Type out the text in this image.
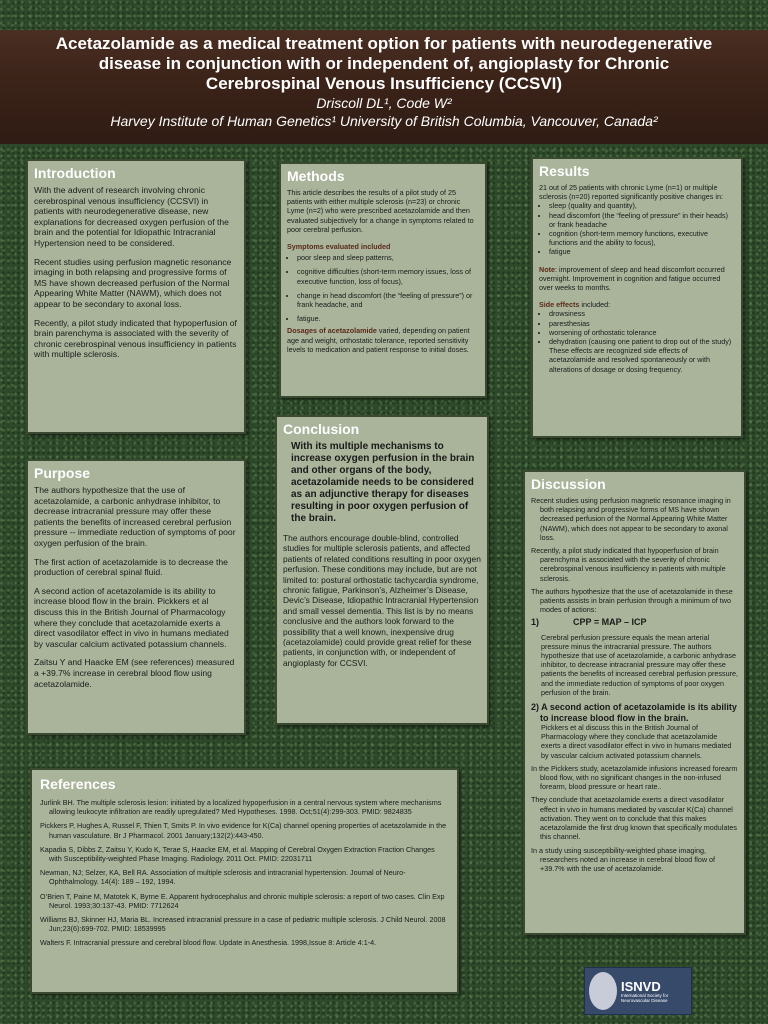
Acetazolamide as a medical treatment option for patients with neurodegenerative disease in conjunction with or independent of, angioplasty for Chronic Cerebrospinal Venous Insufficiency (CCSVI)
Driscoll DL¹, Code W²
Harvey Institute of Human Genetics¹ University of British Columbia, Vancouver, Canada²
Introduction

With the advent of research involving chronic cerebrospinal venous insufficiency (CCSVI) in patients with neurodegenerative disease, new explanations for decreased oxygen perfusion of the brain and the potential for Idiopathic Intracranial Hypertension need to be considered.

Recent studies using perfusion magnetic resonance imaging in both relapsing and progressive forms of MS have shown decreased perfusion of the Normal Appearing White Matter (NAWM), which does not appear to be secondary to axonal loss.

Recently, a pilot study indicated that hypoperfusion of brain parenchyma is associated with the severity of chronic cerebrospinal venous insufficiency in patients with multiple sclerosis.

Methods

This article describes the results of a pilot study of 25 patients with either multiple sclerosis (n=23) or chronic Lyme (n=2) who were prescribed acetazolamide and then evaluated subjectively for a change in symptoms related to poor cerebral perfusion.

Symptoms evaluated included
• poor sleep and sleep patterns,
• cognitive difficulties (short-term memory issues, loss of executive function, loss of focus),
• change in head discomfort (the “feeling of pressure”) or frank headache, and
• fatigue.

Dosages of acetazolamide varied, depending on patient age and weight, orthostatic tolerance, reported sensitivity levels to medication and patient response to initial doses.

Results

21 out of 25 patients with chronic Lyme (n=1) or multiple sclerosis (n=20) reported significantly positive changes in:

• sleep (quality and quantity),
• head discomfort (the “feeling of pressure” in their heads) or frank headache
• cognition (short-term memory functions, executive functions and the ability to focus),
• fatigue

Note: improvement of sleep and head discomfort occurred overnight. Improvement in cognition and fatigue occurred over weeks to months.

Side effects included:
• drowsiness
• paresthesias
• worsening of orthostatic tolerance
• dehydration (causing one patient to drop out of the study)

These effects are recognized side effects of acetazolamide and resolved spontaneously or with alterations of dosage or dosing frequency.

Conclusion

With its multiple mechanisms to increase oxygen perfusion in the brain and other organs of the body, acetazolamide needs to be considered as an adjunctive therapy for diseases resulting in poor oxygen perfusion of the brain.

The authors encourage double-blind, controlled studies for multiple sclerosis patients, and affected patients of related conditions resulting in poor oxygen perfusion. These conditions may include, but are not limited to: postural orthostatic tachycardia syndrome, chronic fatigue, Parkinson’s, Alzheimer’s Disease, Devic’s Disease, Idiopathic Intracranial Hypertension and small vessel dementia. This list is by no means conclusive and the authors look forward to the possibility that a well known, inexpensive drug (acetazolamide) could provide great relief for these patients, in conjunction with, or independent of angioplasty for CCSVI.

Purpose

The authors hypothesize that the use of acetazolamide, a carbonic anhydrase inhibitor, to decrease intracranial pressure may offer these patients the benefits of increased cerebral perfusion pressure -- immediate reduction of symptoms of poor oxygen perfusion of the brain.

The first action of acetazolamide is to decrease the production of cerebral spinal fluid.

A second action of acetazolamide is its ability to increase blood flow in the brain. Pickkers et al discuss this in the British Journal of Pharmacology where they conclude that acetazolamide exerts a direct vasodilator effect in vivo in humans mediated by vascular calcium activated potassium channels.

Zaitsu Y and Haacke EM (see references) measured a +39.7% increase in cerebral blood flow using acetazolamide.

Discussion

Recent studies using perfusion magnetic resonance imaging in both relapsing and progressive forms of MS have shown decreased perfusion of the Normal Appearing White Matter (NAWM), which does not appear to be secondary to axonal loss.

Recently, a pilot study indicated that hypoperfusion of brain parenchyma is associated with the severity of chronic cerebrospinal venous insufficiency in patients with multiple sclerosis.

The authors hypothesize that the use of acetazolamide in these patients assists in brain perfusion through a minimum of two modes of actions:

1)	CPP = MAP – ICP

Cerebral perfusion pressure equals the mean arterial pressure minus the intracranial pressure. The authors hypothesize that use of acetazolamide, a carbonic anhydrase inhibitor, to decrease intracranial pressure may offer these patients the benefits of increased cerebral perfusion pressure, and the immediate reduction of symptoms of poor oxygen perfusion of the brain.

2) A second action of acetazolamide is its ability to increase blood flow in the brain.

Pickkers et al discuss this in the British Journal of Pharmacology where they conclude that acetazolamide exerts a direct vasodilator effect in vivo in humans mediated by vascular calcium activated potassium channels.

In the Pickkers study, acetazolamide infusions increased forearm blood flow, with no significant changes in the non-infused forearm, blood pressure or heart rate..

They conclude that acetazolamide exerts a direct vasodilator effect in vivo in humans mediated by vascular K(Ca) channel activation. They went on to conclude that this makes acetazolamide the first drug known that specifically modulates this channel.

In a study using susceptibility-weighted phase imaging, researchers noted an increase in cerebral blood flow of +39.7% with the use of acetazolamide.

References

Jurlink BH. The multiple sclerosis lesion: initiated by a localized hypoperfusion in a central nervous system where mechanisms allowing leukocyte infiltration are readily upregulated? Med Hypotheses. 1998. Oct;51(4):299-303. PMID: 9824835

Pickkers P, Hughes A, Russel F, Thien T, Smits P. In vivo evidence for K(Ca) channel opening properties of acetazolamide in the human vasculature. Br J Pharmacol. 2001 January;132(2):443-450.

Kapadia S, Dibbs Z, Zaitsu Y, Kudo K, Terae S, Haacke EM, et al. Mapping of Cerebral Oxygen Extraction Fraction Changes with Susceptibility-weighted Phase Imaging. Radiology. 2011 Oct. PMID: 22031711

Newman, NJ; Selzer, KA, Bell RA. Association of multiple sclerosis and intracranial hypertension. Journal of Neuro-Ophthalmology. 14(4): 189 – 192, 1994.

O’Brien T, Paine M, Matotek K, Byrne E. Apparent hydrocephalus and chronic multiple sclerosis: a report of two cases. Clin Exp Neurol. 1993;30:137-43. PMID: 7712624

Williams BJ, Skinner HJ, Maria BL. Increased intracranial pressure in a case of pediatric multiple sclerosis. J Child Neurol. 2008 Jun;23(6):699-702. PMID: 18539995

Walters F. Intracranial pressure and cerebral blood flow. Update in Anesthesia. 1998,Issue 8: Article 4:1-4.

ISNVD
International Society for Neurovascular Disease
